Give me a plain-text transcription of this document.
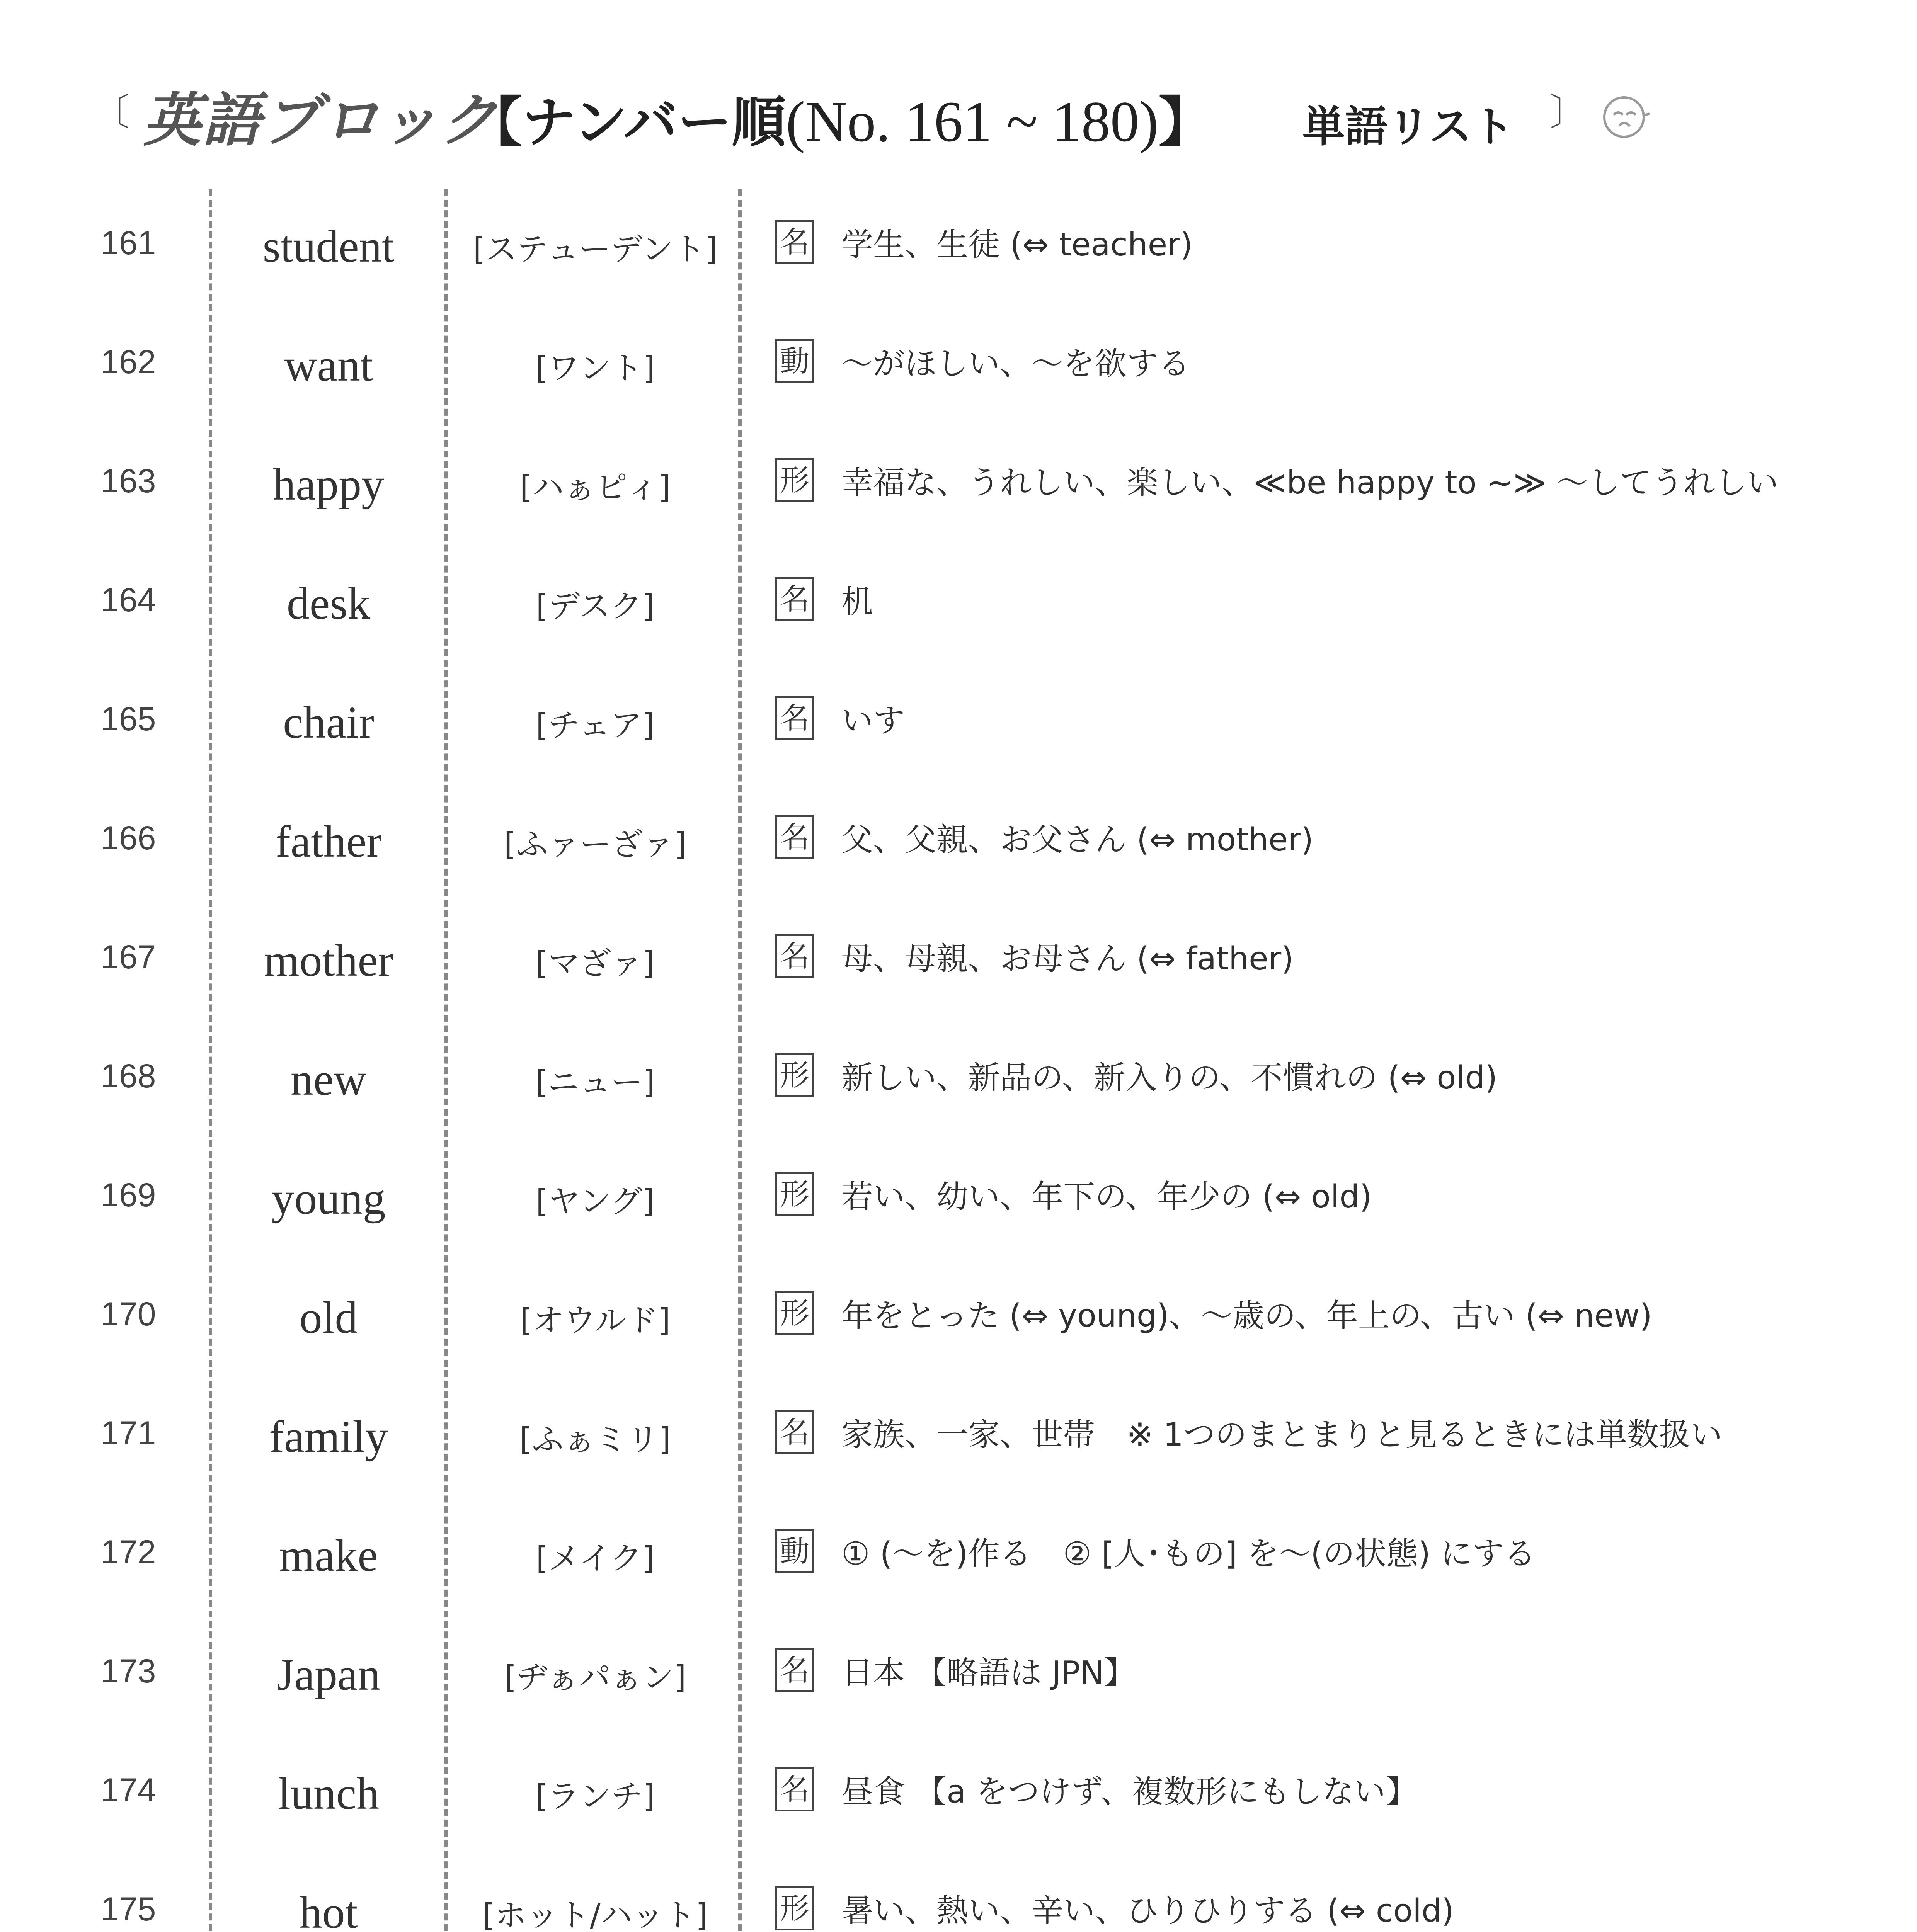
〔 英語ブロック
【ナンバー順(No. 161 ~ 180)】 単語リスト 〕
161	student	[ステューデント]	名 学生、生徒 (⇔ teacher)
162	want	[ワント]	動 ～がほしい、～を欲する
163	happy	[ハぁピィ]	形 幸福な、うれしい、楽しい、≪be happy to ~≫ ～してうれしい
164	desk	[デスク]	名 机
165	chair	[チェア]	名 いす
166	father	[ふァーざァ]	名 父、父親、お父さん (⇔ mother)
167	mother	[マざァ]	名 母、母親、お母さん (⇔ father)
168	new	[ニュー]	形 新しい、新品の、新入りの、不慣れの (⇔ old)
169	young	[ヤング]	形 若い、幼い、年下の、年少の (⇔ old)
170	old	[オウルド]	形 年をとった (⇔ young)、～歳の、年上の、古い (⇔ new)
171	family	[ふぁミリ]	名 家族、一家、世帯　※ 1つのまとまりと見るときには単数扱い
172	make	[メイク]	動 ① (～を)作る　② [人･もの] を～(の状態) にする
173	Japan	[ヂぁパぁン]	名 日本 【略語は JPN】
174	lunch	[ランチ]	名 昼食 【a をつけず、複数形にもしない】
175	hot	[ホット/ハット]	形 暑い、熱い、辛い、ひりひりする (⇔ cold)
